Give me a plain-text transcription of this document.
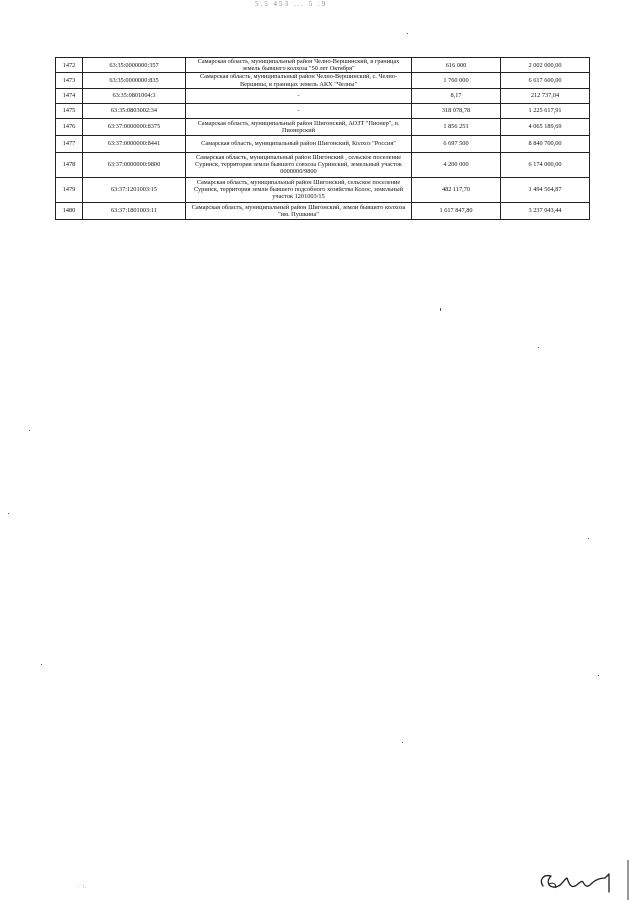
5.5 453 ... 5 .9
1472	63:35:0000000:357	Самарская область, муниципальный район Челно-Вершинский, в границах земель бывшего колхоза "50 лет Октября"	616 000	2 002 000,00
1473	63:35:0000000:835	Самарская область, муниципальный район Челно-Вершинский, с. Челно-Вершины, в границах земель АКХ "Челны"	1 760 000	6 617 600,00
1474	63:35:0801004:3	-	8,17	212 737,04
1475	63:35:0803002:34	-	318 078,78	1 225 617,91
1476	63:37:0000000:8375	Самарская область, муниципальный район Шигонский, АОЗТ "Пионер", п. Пионерский	1 856 251	4 065 189,69
1477	63:37:0000000:8441	Самарская область, муниципальный район Шигонский, Колхоз "Россия"	6 697 500	8 840 700,00
1478	63:37:0000000:9800	Самарская область, муниципальный район Шигонский , сельское поселение Суринск, территория земли бывшего совхоза Суринский, земельный участок 0000000/9800	4 200 000	6 174 000,00
1479	63:37:1201003:15	Самарская область, муниципальный район Шигонский, сельское поселение Суринск, территория земли бывшего подсобного хозяйства Колос, земельный участок 1201003/15	482 117,70	1 494 564,87
1480	63:37:1801003:11	Самарская область, муниципальный район Шигонский, земли бывшего колхоза "им. Пушкина"	1 617 847,80	3 237 043,44
· :.
